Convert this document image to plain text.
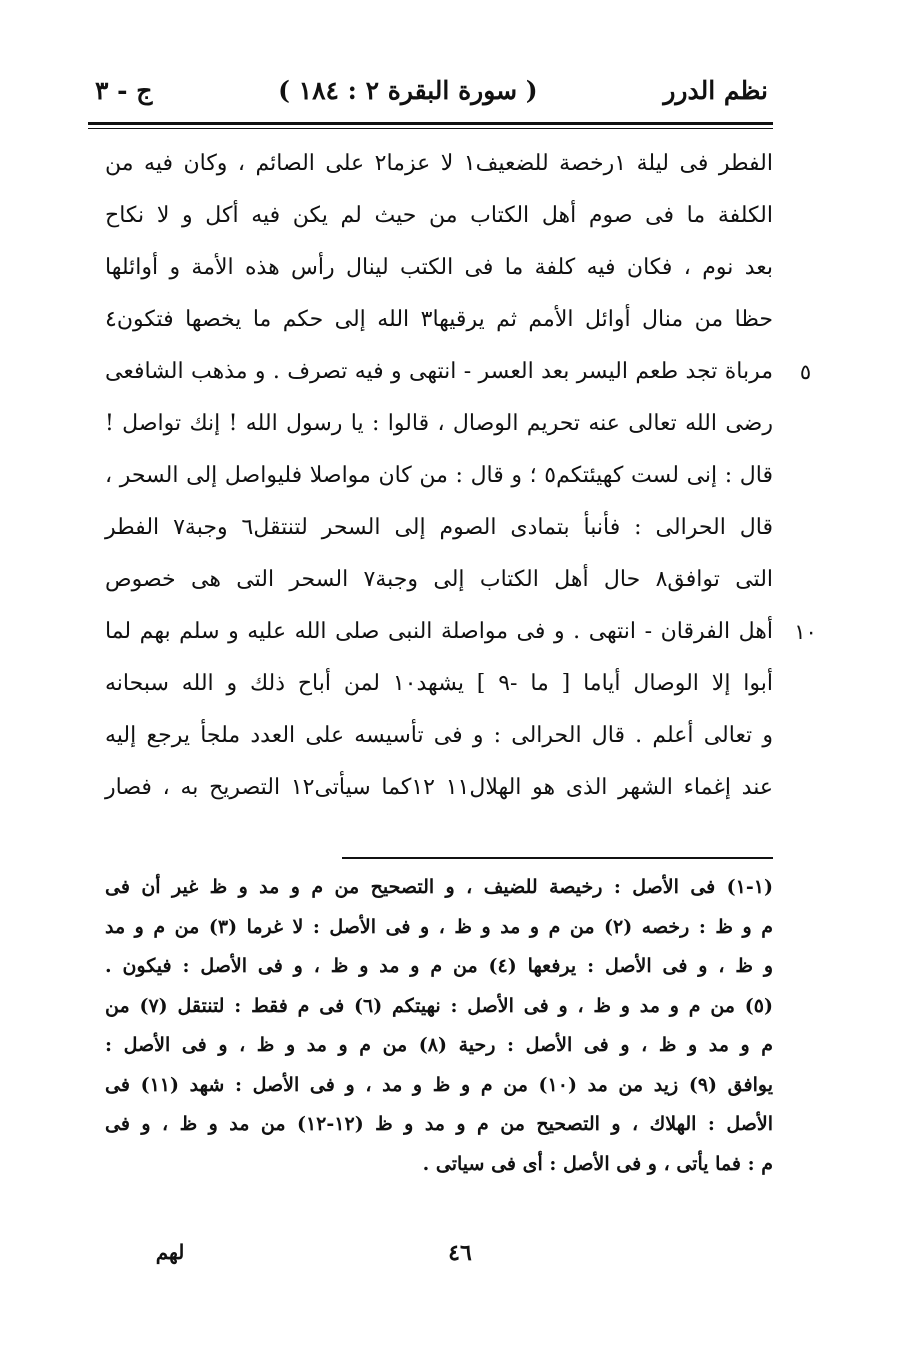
نظم الدرر
( سورة البقرة ٢ : ١٨٤ )
ج - ٣
الفطر فى ليلة ١رخصة للضعيف١ لا عزما٢ على الصائم ، وكان فيه من
الكلفة ما فى صوم أهل الكتاب من حيث لم يكن فيه أكل و لا نكاح
بعد نوم ، فكان فيه كلفة ما فى الكتب لينال رأس هذه الأمة و أوائلها
حظا من منال أوائل الأمم ثم يرقيها٣ الله إلى حكم ما يخصها فتكون٤
٥
مرباة تجد طعم اليسر بعد العسر - انتهى و فيه تصرف . و مذهب الشافعى
رضى الله تعالى عنه تحريم الوصال ، قالوا : يا رسول الله ! إنك تواصل !
قال : إنى لست كهيئتكم٥ ؛ و قال : من كان مواصلا فليواصل إلى السحر ،
قال الحرالى : فأنبأ بتمادى الصوم إلى السحر لتنتقل٦ وجبة٧ الفطر
التى توافق٨ حال أهل الكتاب إلى وجبة٧ السحر التى هى خصوص
١٠
أهل الفرقان - انتهى . و فى مواصلة النبى صلى الله عليه و سلم بهم لما
أبوا إلا الوصال أياما [ ما -٩ ] يشهد١٠ لمن أباح ذلك و الله سبحانه
و تعالى أعلم . قال الحرالى : و فى تأسيسه على العدد ملجأ يرجع إليه
عند إغماء الشهر الذى هو الهلال١١ ١٢كما سيأتى١٢ التصريح به ، فصار
(١-١) فى الأصل : رخيصة للضيف ، و التصحيح من م و مد و ظ غير أن فى
م و ظ : رخصه (٢) من م و مد و ظ ، و فى الأصل : لا غرما (٣) من م و مد
و ظ ، و فى الأصل : يرفعها (٤) من م و مد و ظ ، و فى الأصل : فيكون .
(٥) من م و مد و ظ ، و فى الأصل : نهيتكم (٦) فى م فقط : لتنتقل (٧) من
م و مد و ظ ، و فى الأصل : رحية (٨) من م و مد و ظ ، و فى الأصل :
يوافق (٩) زيد من مد (١٠) من م و ظ و مد ، و فى الأصل : شهد (١١) فى
الأصل : الهلاك ، و التصحيح من م و مد و ظ (١٢-١٢) من مد و ظ ، و فى
م : فما يأتى ، و فى الأصل : أى فى سياتى .
٤٦
لهم
